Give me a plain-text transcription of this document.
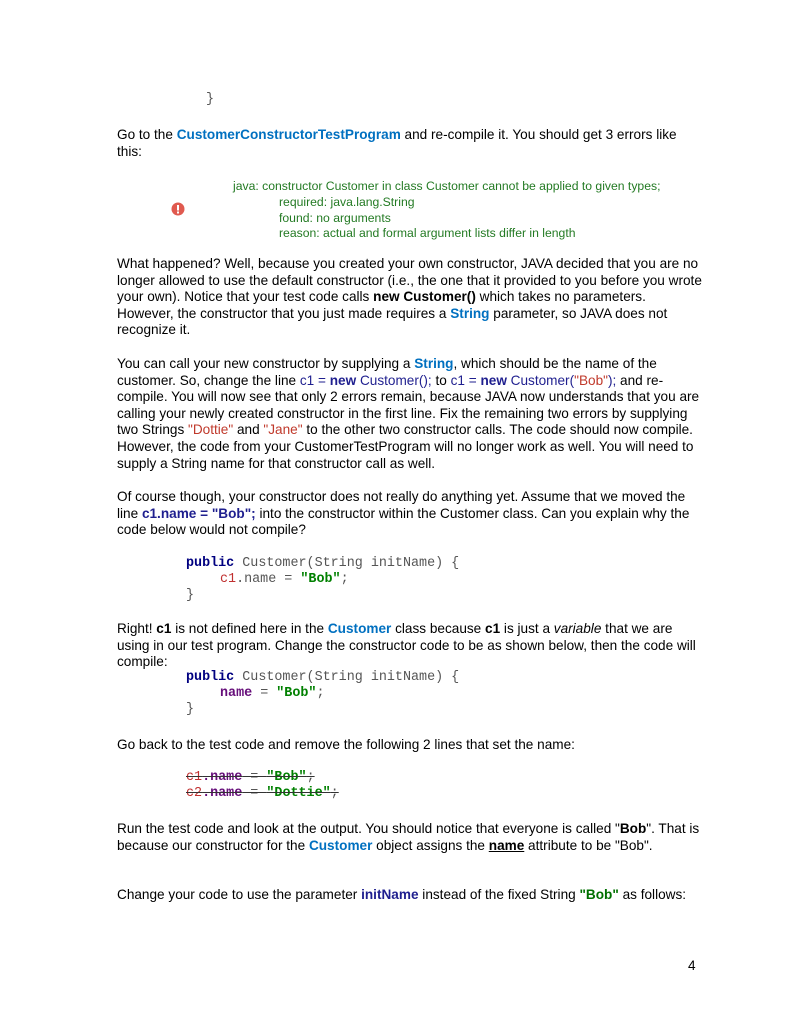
}

Go to the CustomerConstructorTestProgram and re-compile it. You should get 3 errors like this:

java: constructor Customer in class Customer cannot be applied to given types;
required: java.lang.String
found: no arguments
reason: actual and formal argument lists differ in length

What happened? Well, because you created your own constructor, JAVA decided that you are no longer allowed to use the default constructor (i.e., the one that it provided to you before you wrote your own). Notice that your test code calls new Customer() which takes no parameters. However, the constructor that you just made requires a String parameter, so JAVA does not recognize it.

You can call your new constructor by supplying a String, which should be the name of the customer. So, change the line c1 = new Customer(); to c1 = new Customer("Bob"); and re-compile. You will now see that only 2 errors remain, because JAVA now understands that you are calling your newly created constructor in the first line. Fix the remaining two errors by supplying two Strings "Dottie" and "Jane" to the other two constructor calls. The code should now compile. However, the code from your CustomerTestProgram will no longer work as well. You will need to supply a String name for that constructor call as well.

Of course though, your constructor does not really do anything yet. Assume that we moved the line c1.name = "Bob"; into the constructor within the Customer class. Can you explain why the code below would not compile?

public Customer(String initName) {
c1.name = "Bob";
}

Right! c1 is not defined here in the Customer class because c1 is just a variable that we are using in our test program. Change the constructor code to be as shown below, then the code will compile:

public Customer(String initName) {
name = "Bob";
}

Go back to the test code and remove the following 2 lines that set the name:

c1.name = "Bob";
c2.name = "Dottie";

Run the test code and look at the output. You should notice that everyone is called "Bob". That is because our constructor for the Customer object assigns the name attribute to be "Bob".

Change your code to use the parameter initName instead of the fixed String "Bob" as follows:

4
